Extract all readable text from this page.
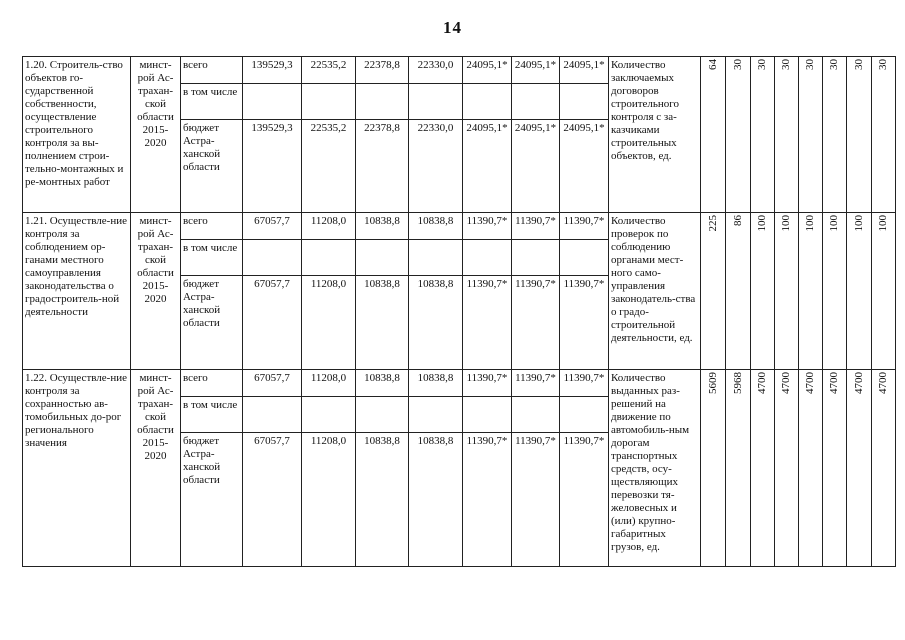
14
1.20. Строитель-ство объектов го-сударственной собственности, осуществление строительного контроля за вы-полнением строи-тельно-монтажных и ре-монтных работ	минст-рой Ас-трахан-ской области 2015-2020	всего	139529,3	22535,2	22378,8	22330,0	24095,1*	24095,1*	24095,1*	Количество заключаемых договоров строительного контроля с за-казчиками строительных объектов, ед.	64	30	30	30	30	30	30	30

		в том числе																
		бюджет Астра-ханской области	139529,3	22535,2	22378,8	22330,0	24095,1*	24095,1*	24095,1*									
1.21. Осуществле-ние контроля за соблюдением ор-ганами местного самоуправления законодательства о градостроитель-ной деятельности	минст-рой Ас-трахан-ской области 2015-2020	всего	67057,7	11208,0	10838,8	10838,8	11390,7*	11390,7*	11390,7*	Количество проверок по соблюдению органами мест-ного само-управления законодатель-ства о градо-строительной деятельности, ед.	225	86	100	100	100	100	100	100

		в том числе																
		бюджет Астра-ханской области	67057,7	11208,0	10838,8	10838,8	11390,7*	11390,7*	11390,7*									
1.22. Осуществле-ние контроля за сохранностью ав-томобильных до-рог регионального значения	минст-рой Ас-трахан-ской области 2015-2020	всего	67057,7	11208,0	10838,8	10838,8	11390,7*	11390,7*	11390,7*	Количество выданных раз-решений на движение по автомобиль-ным дорогам транспортных средств, осу-ществляющих перевозки тя-желовесных и (или) крупно-габаритных грузов, ед.	5609	5968	4700	4700	4700	4700	4700	4700

		в том числе																
		бюджет Астра-ханской области	67057,7	11208,0	10838,8	10838,8	11390,7*	11390,7*	11390,7*									
